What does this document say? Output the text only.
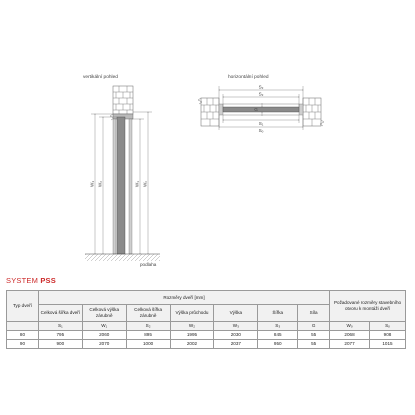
vertikální pohled
podlaha
W₁ W₂	W₃ Wₒ
horizontální pohled
S₂
S₂
G
S₁
Sₒ
SYSTEM PSS
Typ dveří	Rozměry dveří [mm]							Požadované rozměry stavebního otvoru k montáži dveří	
	Celková šířka dveří	Celková výška zárubně	Celková šířka zárubně	Výška průchodu	Výška	Šířka	Síla		
	S₁	W₁	S₂	W₂	W₃	S₃	G	Wₒ	Sₒ
80	795	2060	895	1995	2030	845	55	2068	908
90	900	2070	1000	2002	2037	950	55	2077	1015
